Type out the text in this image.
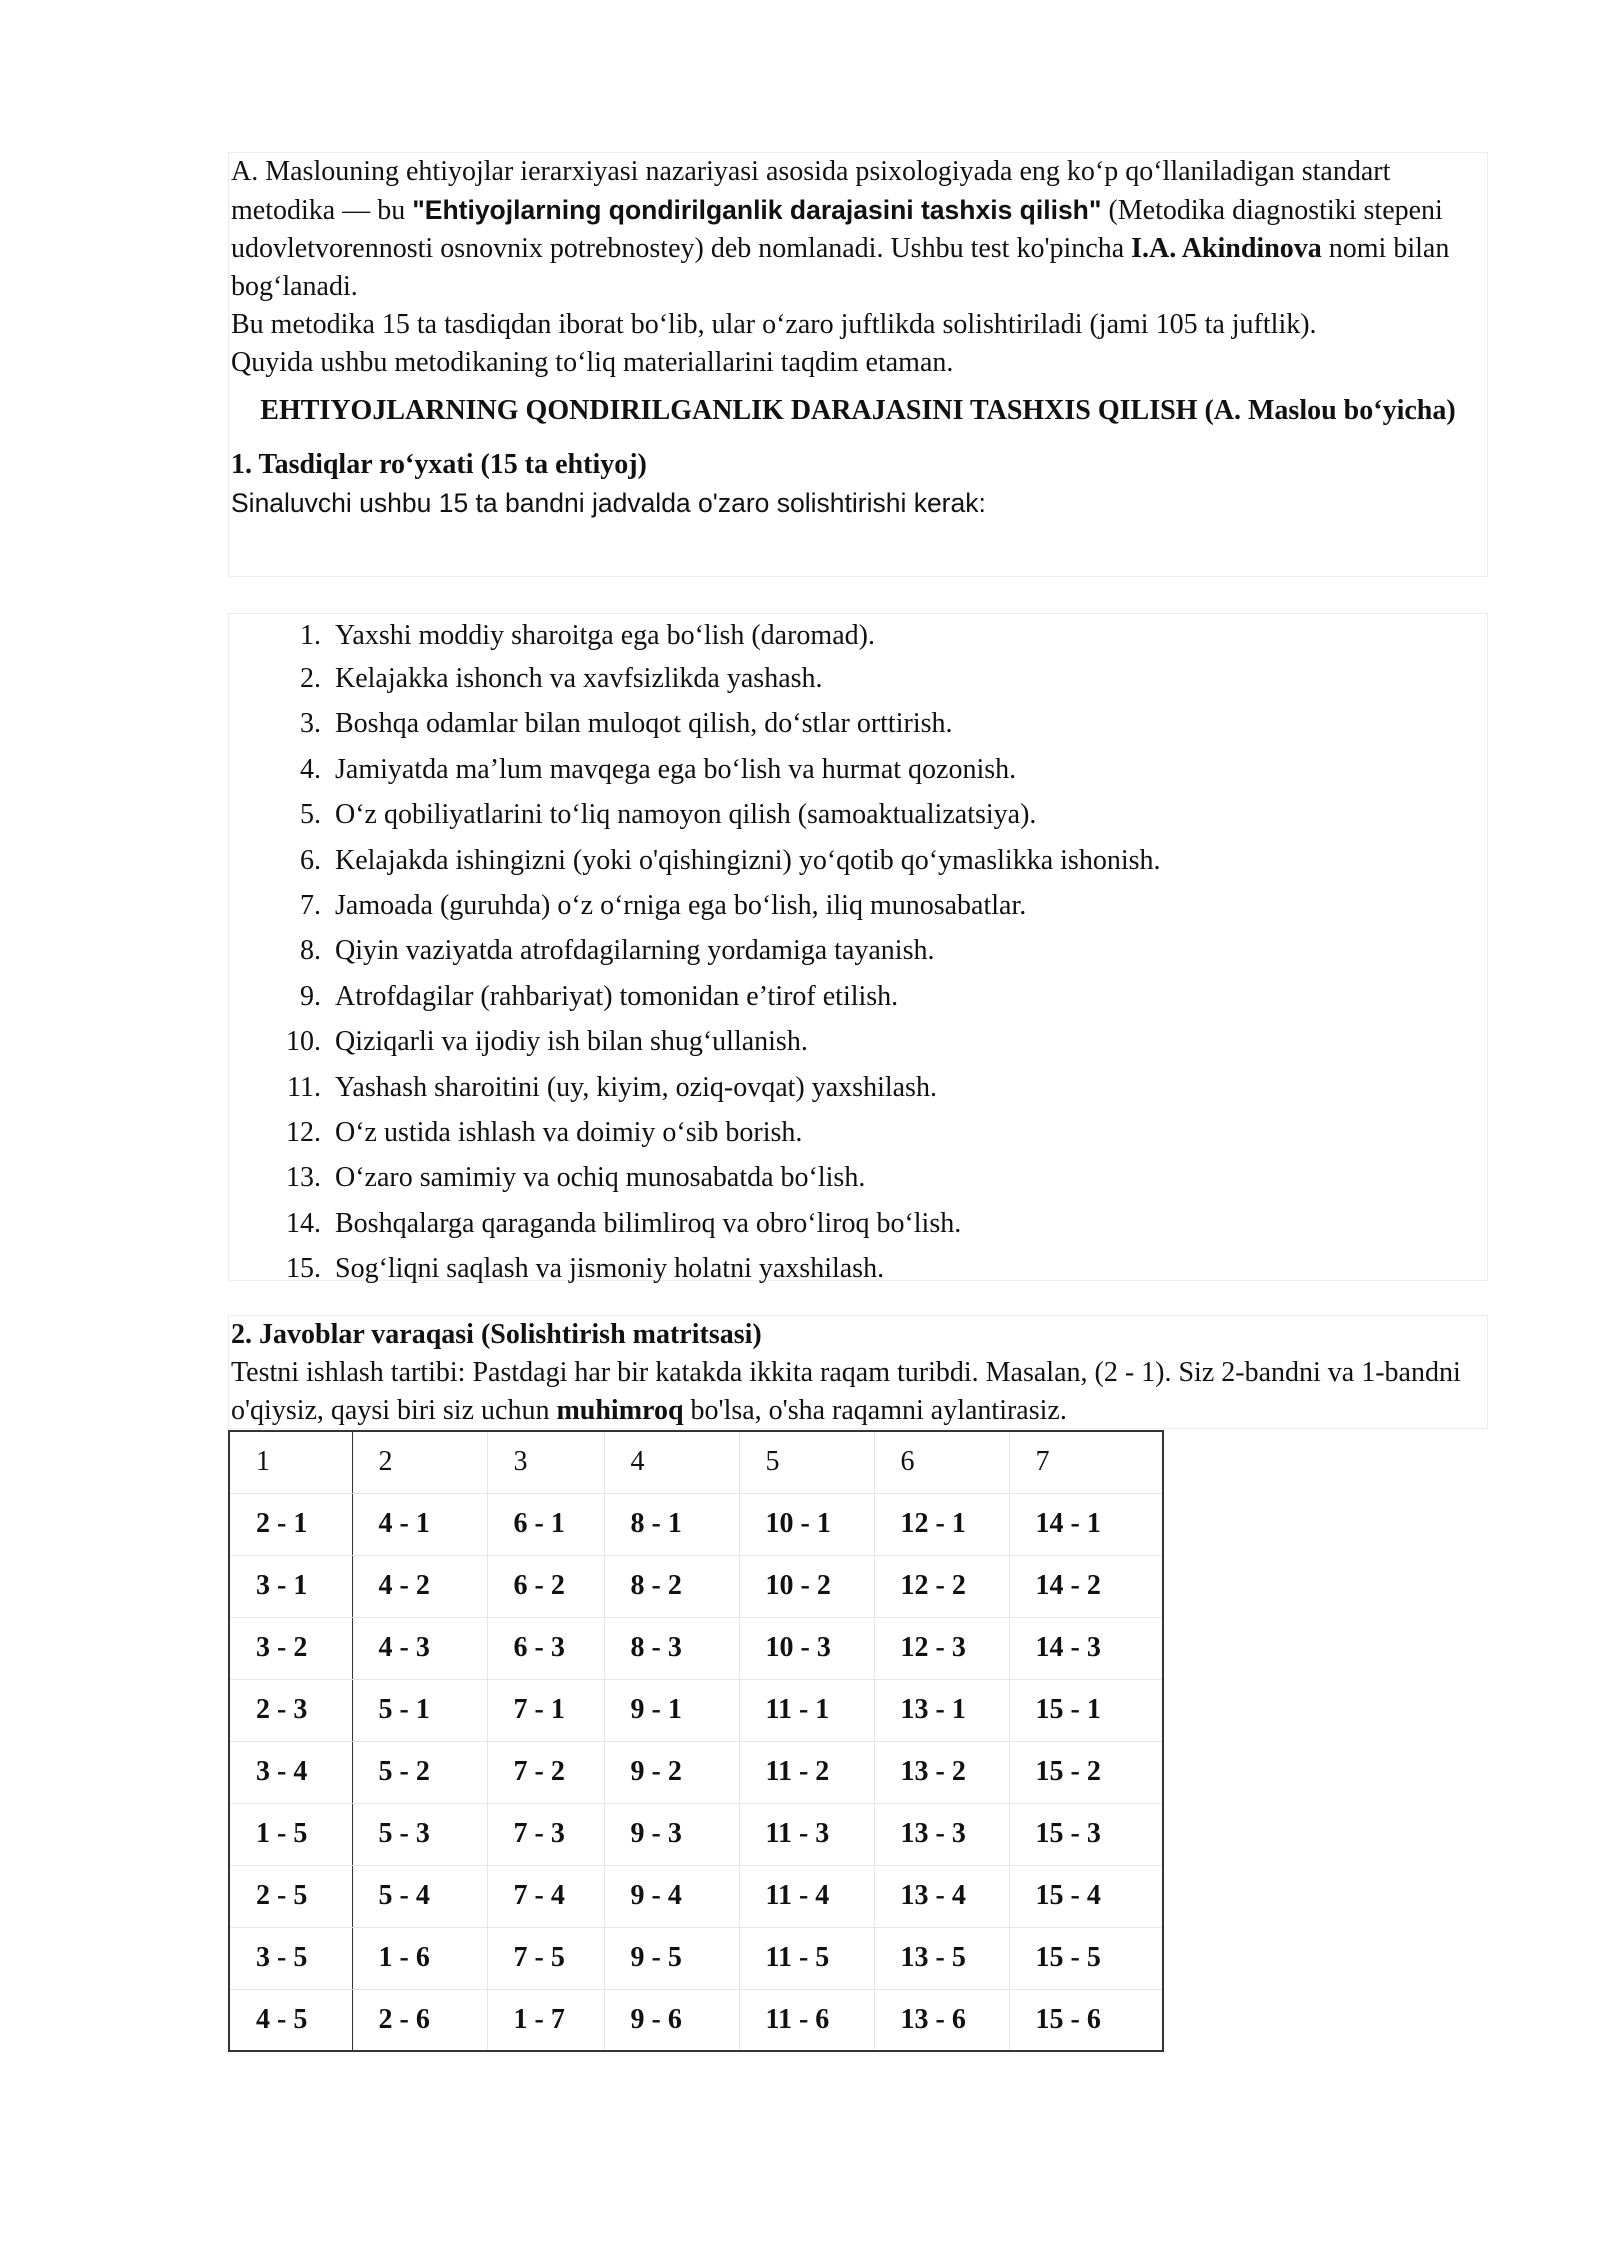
A. Maslouning ehtiyojlar ierarxiyasi nazariyasi asosida psixologiyada eng ko‘p qo‘llaniladigan standart metodika — bu "Ehtiyojlarning qondirilganlik darajasini tashxis qilish" (Metodika diagnostiki stepeni udovletvorennosti osnovnix potrebnostey) deb nomlanadi. Ushbu test ko'pincha I.A. Akindinova nomi bilan bog‘lanadi.

Bu metodika 15 ta tasdiqdan iborat bo‘lib, ular o‘zaro juftlikda solishtiriladi (jami 105 ta juftlik).

Quyida ushbu metodikaning to‘liq materiallarini taqdim etaman.

EHTIYOJLARNING QONDIRILGANLIK DARAJASINI TASHXIS QILISH (A. Maslou bo‘yicha)

1. Tasdiqlar ro‘yxati (15 ta ehtiyoj)

Sinaluvchi ushbu 15 ta bandni jadvalda o'zaro solishtirishi kerak:

1. Yaxshi moddiy sharoitga ega bo‘lish (daromad).
2. Kelajakka ishonch va xavfsizlikda yashash.
3. Boshqa odamlar bilan muloqot qilish, do‘stlar orttirish.
4. Jamiyatda ma’lum mavqega ega bo‘lish va hurmat qozonish.
5. O‘z qobiliyatlarini to‘liq namoyon qilish (samoaktualizatsiya).
6. Kelajakda ishingizni (yoki o'qishingizni) yo‘qotib qo‘ymaslikka ishonish.
7. Jamoada (guruhda) o‘z o‘rniga ega bo‘lish, iliq munosabatlar.
8. Qiyin vaziyatda atrofdagilarning yordamiga tayanish.
9. Atrofdagilar (rahbariyat) tomonidan e’tirof etilish.
10. Qiziqarli va ijodiy ish bilan shug‘ullanish.
11. Yashash sharoitini (uy, kiyim, oziq-ovqat) yaxshilash.
12. O‘z ustida ishlash va doimiy o‘sib borish.
13. O‘zaro samimiy va ochiq munosabatda bo‘lish.
14. Boshqalarga qaraganda bilimliroq va obro‘liroq bo‘lish.
15. Sog‘liqni saqlash va jismoniy holatni yaxshilash.

2. Javoblar varaqasi (Solishtirish matritsasi)

Testni ishlash tartibi: Pastdagi har bir katakda ikkita raqam turibdi. Masalan, (2 - 1). Siz 2-bandni va 1-bandni o'qiysiz, qaysi biri siz uchun muhimroq bo'lsa, o'sha raqamni aylantirasiz.

1	2	3	4	5	6	7
2 - 1	4 - 1	6 - 1	8 - 1	10 - 1	12 - 1	14 - 1
3 - 1	4 - 2	6 - 2	8 - 2	10 - 2	12 - 2	14 - 2
3 - 2	4 - 3	6 - 3	8 - 3	10 - 3	12 - 3	14 - 3
2 - 3	5 - 1	7 - 1	9 - 1	11 - 1	13 - 1	15 - 1
3 - 4	5 - 2	7 - 2	9 - 2	11 - 2	13 - 2	15 - 2
1 - 5	5 - 3	7 - 3	9 - 3	11 - 3	13 - 3	15 - 3
2 - 5	5 - 4	7 - 4	9 - 4	11 - 4	13 - 4	15 - 4
3 - 5	1 - 6	7 - 5	9 - 5	11 - 5	13 - 5	15 - 5
4 - 5	2 - 6	1 - 7	9 - 6	11 - 6	13 - 6	15 - 6
